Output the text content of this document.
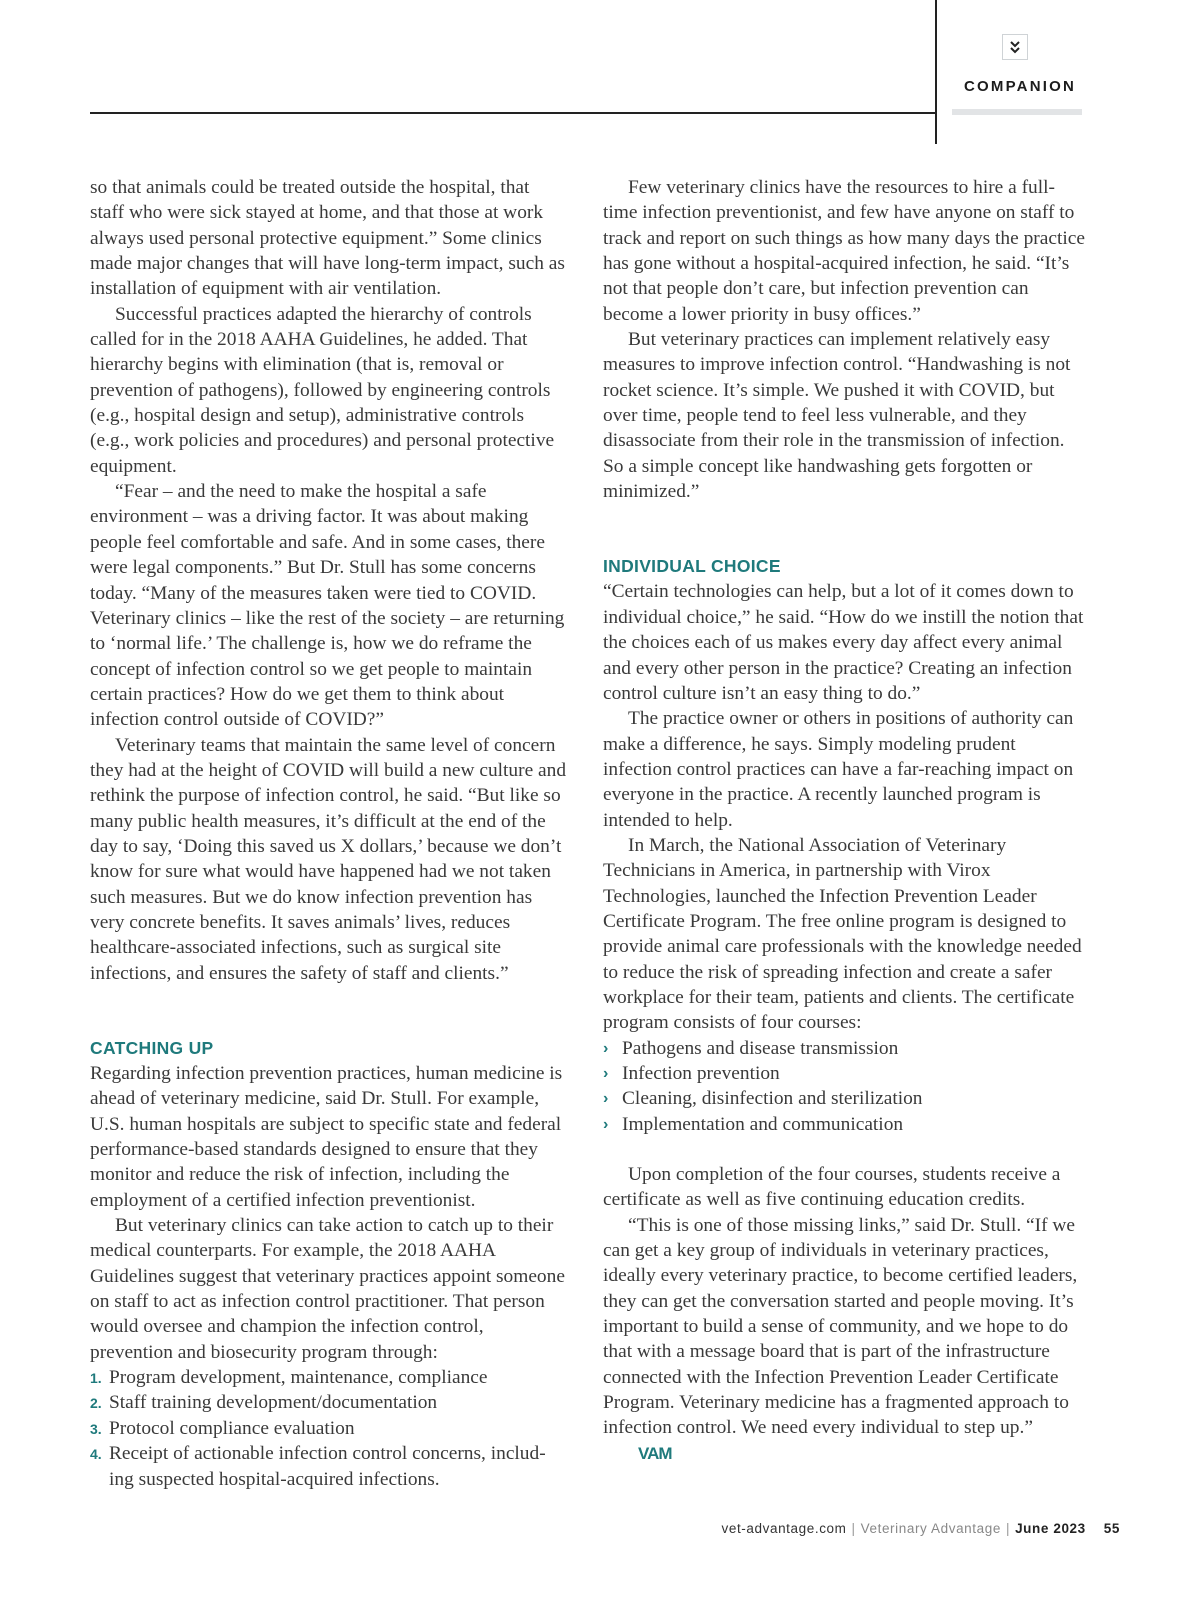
COMPANION

so that animals could be treated outside the hospital, that staff who were sick stayed at home, and that those at work always used personal protective equipment.” Some clinics made major changes that will have long-term impact, such as installation of equipment with air ventilation.

Successful practices adapted the hierarchy of controls called for in the 2018 AAHA Guidelines, he added. That hierarchy begins with elimination (that is, removal or prevention of pathogens), followed by engineering controls (e.g., hospital design and setup), administrative controls (e.g., work policies and procedures) and personal protective equipment.

“Fear – and the need to make the hospital a safe environment – was a driving factor. It was about making people feel comfortable and safe. And in some cases, there were legal components.” But Dr. Stull has some concerns today. “Many of the measures taken were tied to COVID. Veterinary clinics – like the rest of the society – are returning to ‘normal life.’ The challenge is, how we do reframe the concept of infection control so we get people to maintain certain practices? How do we get them to think about infection control outside of COVID?”

Veterinary teams that maintain the same level of concern they had at the height of COVID will build a new culture and rethink the purpose of infection control, he said. “But like so many public health measures, it’s difficult at the end of the day to say, ‘Doing this saved us X dollars,’ because we don’t know for sure what would have happened had we not taken such measures. But we do know infection prevention has very concrete benefits. It saves animals’ lives, reduces healthcare-associated infections, such as surgical site infections, and ensures the safety of staff and clients.”

CATCHING UP

Regarding infection prevention practices, human medicine is ahead of veterinary medicine, said Dr. Stull. For example, U.S. human hospitals are subject to specific state and federal performance-based standards designed to ensure that they monitor and reduce the risk of infection, including the employment of a certified infection preventionist.

But veterinary clinics can take action to catch up to their medical counterparts. For example, the 2018 AAHA Guidelines suggest that veterinary practices appoint someone on staff to act as infection control practitioner. That person would oversee and champion the infection control, prevention and biosecurity program through:

1. Program development, maintenance, compliance
2. Staff training development/documentation
3. Protocol compliance evaluation
4. Receipt of actionable infection control concerns, includ-ing suspected hospital-acquired infections.

Few veterinary clinics have the resources to hire a full-time infection preventionist, and few have anyone on staff to track and report on such things as how many days the practice has gone without a hospital-acquired infection, he said. “It’s not that people don’t care, but infection prevention can become a lower priority in busy offices.”

But veterinary practices can implement relatively easy measures to improve infection control. “Handwashing is not rocket science. It’s simple. We pushed it with COVID, but over time, people tend to feel less vulnerable, and they disassociate from their role in the transmission of infection. So a simple concept like handwashing gets forgotten or minimized.”

INDIVIDUAL CHOICE

“Certain technologies can help, but a lot of it comes down to individual choice,” he said. “How do we instill the notion that the choices each of us makes every day affect every animal and every other person in the practice? Creating an infection control culture isn’t an easy thing to do.”

The practice owner or others in positions of authority can make a difference, he says. Simply modeling prudent infection control practices can have a far-reaching impact on everyone in the practice. A recently launched program is intended to help.

In March, the National Association of Veterinary Technicians in America, in partnership with Virox Technologies, launched the Infection Prevention Leader Certificate Program. The free online program is designed to provide animal care professionals with the knowledge needed to reduce the risk of spreading infection and create a safer workplace for their team, patients and clients. The certificate program consists of four courses:

› Pathogens and disease transmission
› Infection prevention
› Cleaning, disinfection and sterilization
› Implementation and communication

Upon completion of the four courses, students receive a certificate as well as five continuing education credits.

“This is one of those missing links,” said Dr. Stull. “If we can get a key group of individuals in veterinary practices, ideally every veterinary practice, to become certified leaders, they can get the conversation started and people moving. It’s important to build a sense of community, and we hope to do that with a message board that is part of the infrastructure connected with the Infection Prevention Leader Certificate Program. Veterinary medicine has a fragmented approach to infection control. We need every individual to step up.”
VAM

vet-advantage.com | Veterinary Advantage | June 2023 55
